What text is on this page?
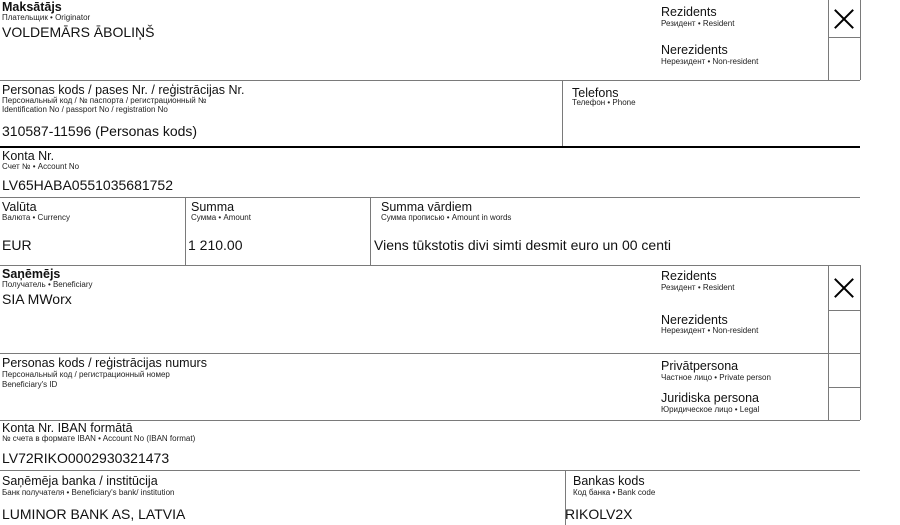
Maksātājs
Плательщик • Originator
VOLDEMĀRS ĀBOLIŅŠ
Rezidents
Резидент • Resident
Nerezidents
Нерезидент • Non-resident
Personas kods / pases Nr. / reģistrācijas Nr.
Персональный код / № паспорта / регистрационный №
Identification No / passport No / registration No
310587-11596 (Personas kods)
Telefons
Телефон • Phone
Konta Nr.
Счет № • Account No
LV65HABA0551035681752
Valūta
Валюта • Currency
EUR
Summa
Сумма • Amount
1 210.00
Summa vārdiem
Сумма прописью • Amount in words
Viens tūkstotis divi simti desmit euro un 00 centi
Saņēmējs
Получатель • Beneficiary
SIA MWorx
Rezidents
Резидент • Resident
Nerezidents
Нерезидент • Non-resident
Personas kods / reģistrācijas numurs
Персональный код / регистрационный номер
Beneficiary's ID
Privātpersona
Частное лицо • Private person
Juridiska persona
Юридическое лицо • Legal
Konta Nr. IBAN formātā
№ счета в формате IBAN • Account No (IBAN format)
LV72RIKO0002930321473
Saņēmēja banka / institūcija
Банк получателя • Beneficiary's bank/ institution
LUMINOR BANK AS, LATVIA
Bankas kods
Код банка • Bank code
RIKOLV2X
